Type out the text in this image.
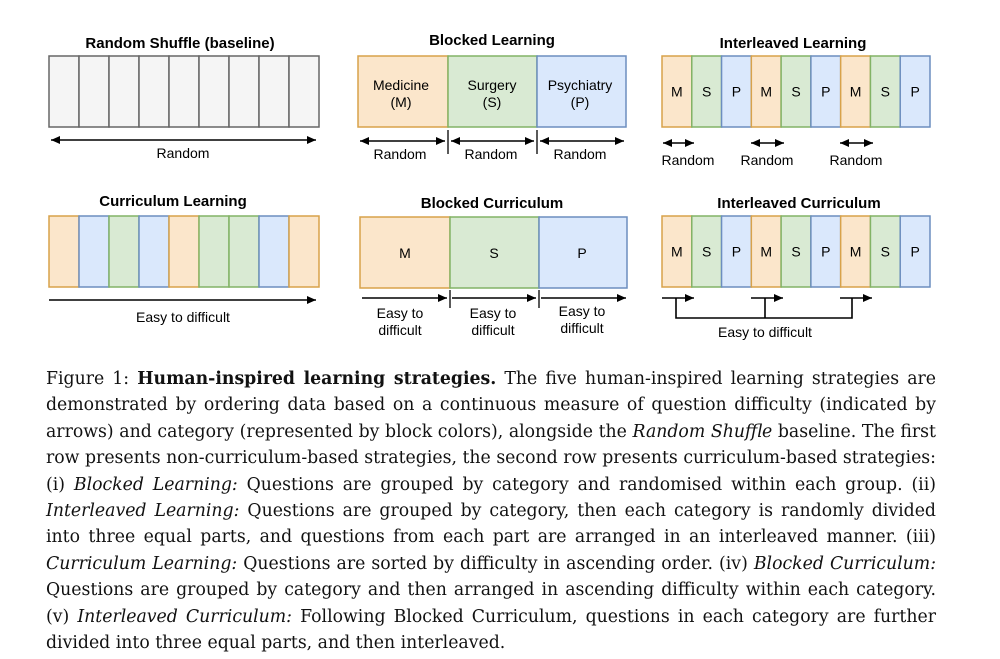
Random Shuffle (baseline)
Random
Blocked Learning
Medicine
(M)
Surgery
(S)
Psychiatry
(P)
Random	Random	Random
Interleaved Learning
M S P M S P M S P
Random Random	Random
Curriculum Learning
Easy to difficult
Blocked Curriculum
M	S	P
Easy to
difficult
Easy to
difficult
Easy to
difficult
Interleaved Curriculum
M S P M S P M S P
Easy to difficult

Figure 1: Human-inspired learning strategies. The five human-inspired learning strategies are demonstrated by ordering data based on a continuous measure of question difficulty (indicated by arrows) and category (represented by block colors), alongside the Random Shuffle baseline. The first row presents non-curriculum-based strategies, the second row presents curriculum-based strategies:(i) Blocked Learning: Questions are grouped by category and randomised within each group. (ii) Interleaved Learning: Questions are grouped by category, then each category is randomly divided into three equal parts, and questions from each part are arranged in an interleaved manner. (iii) Curriculum Learning: Questions are sorted by difficulty in ascending order. (iv) Blocked Curriculum: Questions are grouped by category and then arranged in ascending difficulty within each category. (v) Interleaved Curriculum: Following Blocked Curriculum, questions in each category are further divided into three equal parts, and then interleaved.
